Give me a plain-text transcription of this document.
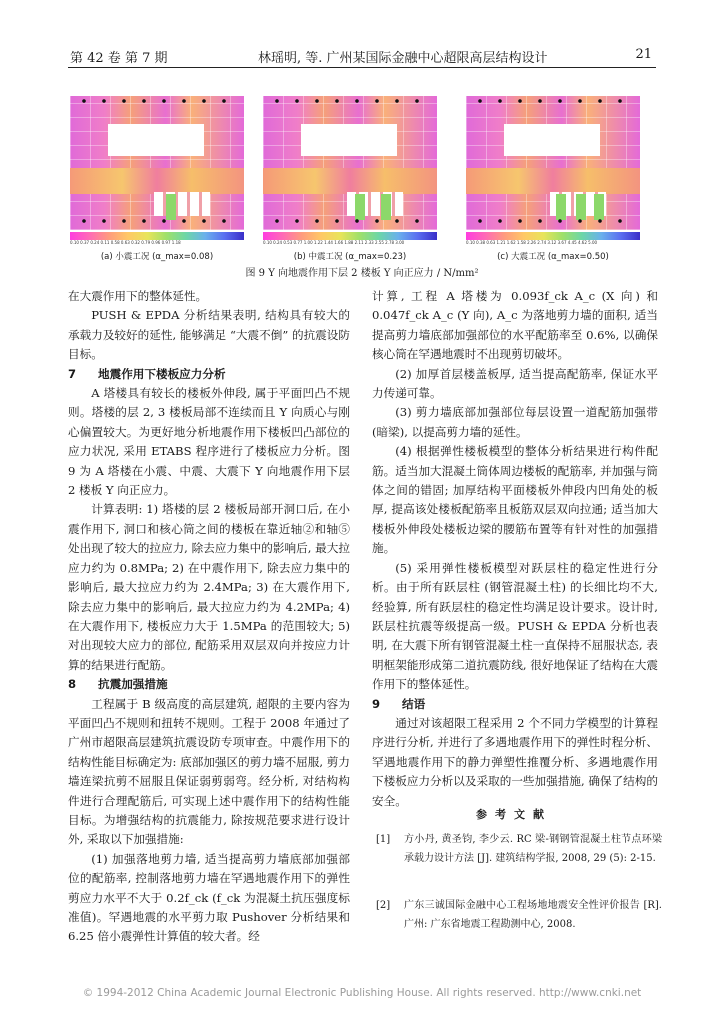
第 42 卷 第 7 期	林瑶明, 等. 广州某国际金融中心超限高层结构设计	21
0.10 0.37 0.24 0.11 0.58 0.63 0.32 0.79 0.96 0.97 1.18	0.10 0.24 0.53 0.77 1.00 1.22 1.44 1.66 1.88 2.11 2.33 2.55 2.78 3.00	0.10 0.38 0.63 1.21 1.62 1.58 2.26 2.74 3.12 3.67 4.45 4.62 5.00
(a) 小震工况 (α_max=0.08)	(b) 中震工况 (α_max=0.23)	(c) 大震工况 (α_max=0.50)
图 9 Y 向地震作用下层 2 楼板 Y 向正应力 / N/mm²

在大震作用下的整体延性。

PUSH & EPDA 分析结果表明, 结构具有较大的承载力及较好的延性, 能够满足 “大震不倒” 的抗震设防目标。

7 地震作用下楼板应力分析

A 塔楼具有较长的楼板外伸段, 属于平面凹凸不规则。塔楼的层 2, 3 楼板局部不连续而且 Y 向质心与刚心偏置较大。为更好地分析地震作用下楼板凹凸部位的应力状况, 采用 ETABS 程序进行了楼板应力分析。图 9 为 A 塔楼在小震、中震、大震下 Y 向地震作用下层 2 楼板 Y 向正应力。

计算表明: 1) 塔楼的层 2 楼板局部开洞口后, 在小震作用下, 洞口和核心筒之间的楼板在靠近轴②和轴⑤处出现了较大的拉应力, 除去应力集中的影响后, 最大拉应力约为 0.8MPa; 2) 在中震作用下, 除去应力集中的影响后, 最大拉应力约为 2.4MPa; 3) 在大震作用下, 除去应力集中的影响后, 最大拉应力约为 4.2MPa; 4) 在大震作用下, 楼板应力大于 1.5MPa 的范围较大; 5) 对出现较大应力的部位, 配筋采用双层双向并按应力计算的结果进行配筋。

8 抗震加强措施

工程属于 B 级高度的高层建筑, 超限的主要内容为平面凹凸不规则和扭转不规则。工程于 2008 年通过了广州市超限高层建筑抗震设防专项审查。中震作用下的结构性能目标确定为: 底部加强区的剪力墙不屈服, 剪力墙连梁抗剪不屈服且保证弱剪弱弯。经分析, 对结构构件进行合理配筋后, 可实现上述中震作用下的结构性能目标。为增强结构的抗震能力, 除按规范要求进行设计外, 采取以下加强措施:

(1) 加强落地剪力墙, 适当提高剪力墙底部加强部位的配筋率, 控制落地剪力墙在罕遇地震作用下的弹性剪应力水平不大于 0.2f_ck (f_ck 为混凝土抗压强度标准值)。罕遇地震的水平剪力取 Pushover 分析结果和 6.25 倍小震弹性计算值的较大者。经

计算, 工程 A 塔楼为 0.093f_ck A_c (X 向) 和 0.047f_ck A_c (Y 向), A_c 为落地剪力墙的面积, 适当提高剪力墙底部加强部位的水平配筋率至 0.6%, 以确保核心筒在罕遇地震时不出现剪切破坏。

(2) 加厚首层楼盖板厚, 适当提高配筋率, 保证水平力传递可靠。

(3) 剪力墙底部加强部位每层设置一道配筋加强带 (暗梁), 以提高剪力墙的延性。

(4) 根据弹性楼板模型的整体分析结果进行构件配筋。适当加大混凝土筒体周边楼板的配筋率, 并加强与筒体之间的错固; 加厚结构平面楼板外伸段内凹角处的板厚, 提高该处楼板配筋率且板筋双层双向拉通; 适当加大楼板外伸段处楼板边梁的腰筋布置等有针对性的加强措施。

(5) 采用弹性楼板模型对跃层柱的稳定性进行分析。由于所有跃层柱 (钢管混凝土柱) 的长细比均不大, 经验算, 所有跃层柱的稳定性均满足设计要求。设计时, 跃层柱抗震等级提高一级。PUSH & EPDA 分析也表明, 在大震下所有钢管混凝土柱一直保持不屈服状态, 表明框架能形成第二道抗震防线, 很好地保证了结构在大震作用下的整体延性。

9 结语

通过对该超限工程采用 2 个不同力学模型的计算程序进行分析, 并进行了多遇地震作用下的弹性时程分析、罕遇地震作用下的静力弹塑性推覆分析、多遇地震作用下楼板应力分析以及采取的一些加强措施, 确保了结构的安全。

参考文献
[1]	方小丹, 黄圣钧, 李少云. RC 梁-钢钢管混凝土柱节点环梁承载力设计方法 [J]. 建筑结构学报, 2008, 29 (5): 2-15.
[2]	广东三诚国际金融中心工程场地地震安全性评价报告 [R]. 广州: 广东省地震工程勘测中心, 2008.
© 1994-2012 China Academic Journal Electronic Publishing House. All rights reserved. http://www.cnki.net
